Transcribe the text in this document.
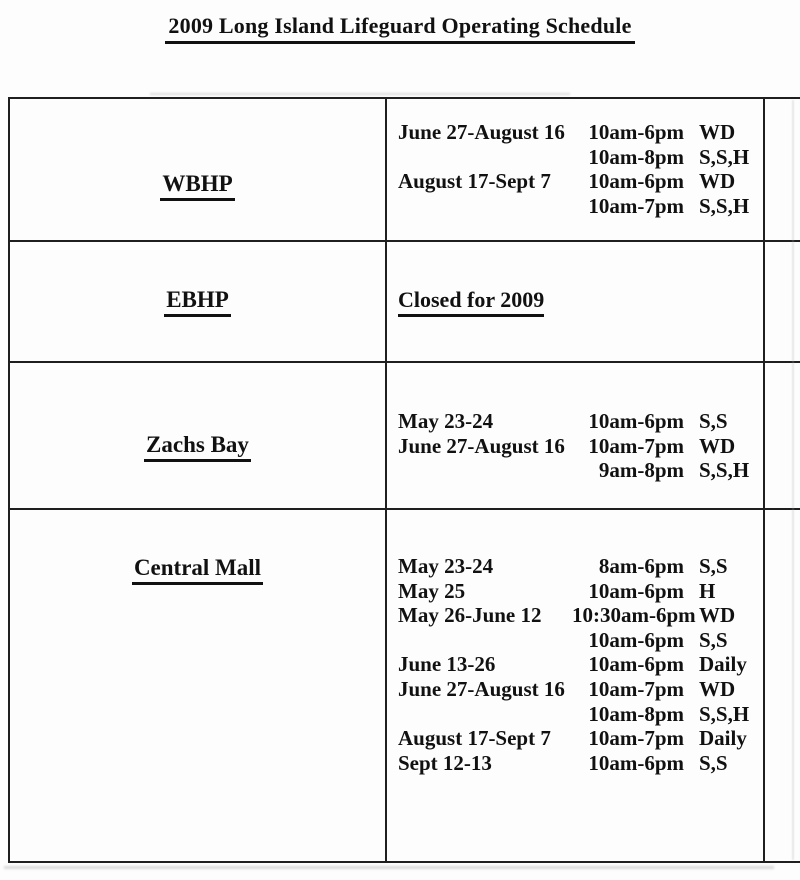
2009 Long Island Lifeguard Operating Schedule
WBHP
June 27-August 16	10am-6pm WD
10am-8pm S,S,H
August 17-Sept 7	10am-6pm WD
10am-7pm S,S,H
EBHP	Closed for 2009
Zachs Bay
May 23-24	10am-6pm S,S
June 27-August 16	10am-7pm WD
9am-8pm S,S,H
Central Mall	May 23-24	8am-6pm S,S
May 25	10am-6pm H
May 26-June 12	10:30am-6pm WD
10am-6pm S,S
June 13-26	10am-6pm Daily
June 27-August 16	10am-7pm WD
10am-8pm S,S,H
August 17-Sept 7	10am-7pm Daily
Sept 12-13	10am-6pm S,S
